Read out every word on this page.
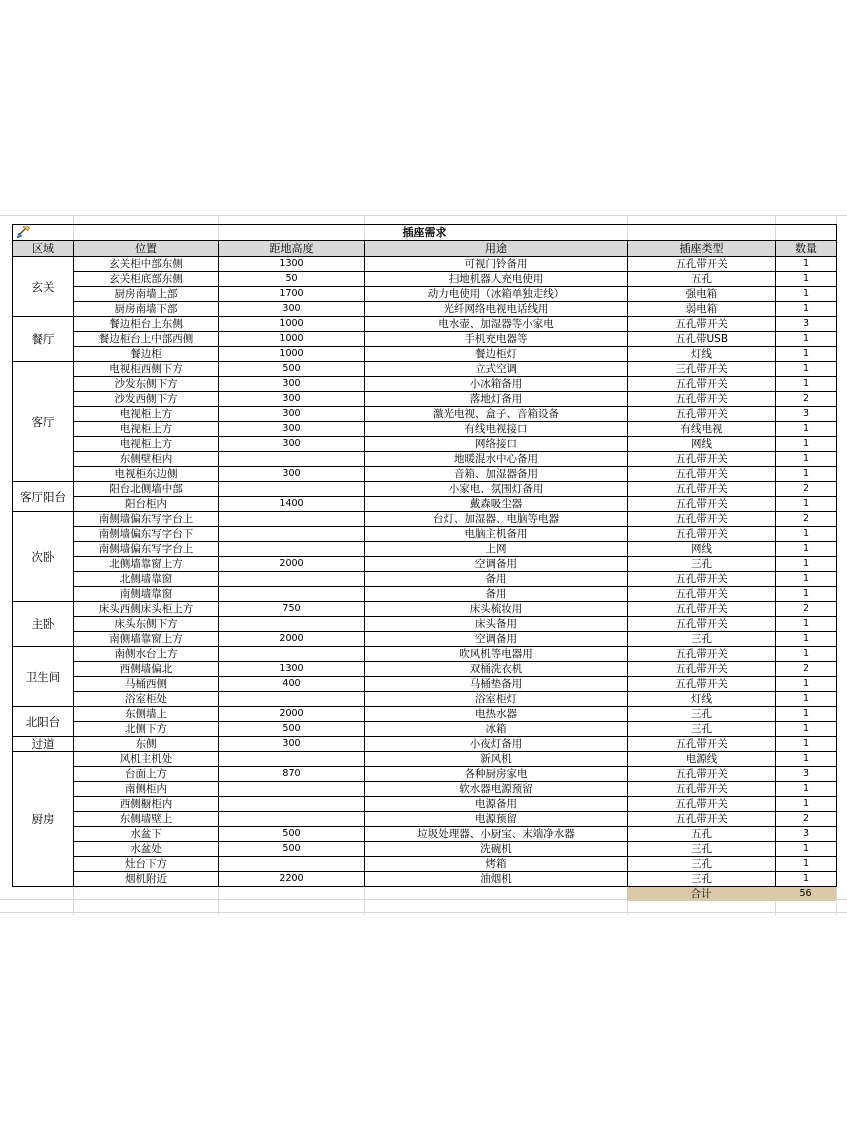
插座需求					
区域	位置	距地高度	用途	插座类型	数量
玄关	玄关柜中部东侧	1300	可视门铃备用	五孔带开关	1
	玄关柜底部东侧	50	扫地机器人充电使用	五孔	1
	厨房南墙上部	1700	动力电使用（冰箱单独走线）	强电箱	1
	厨房南墙下部	300	光纤网络电视电话线用	弱电箱	1
餐厅	餐边柜台上东侧	1000	电水壶、加湿器等小家电	五孔带开关	3
	餐边柜台上中部西侧	1000	手机充电器等	五孔带USB	1
	餐边柜	1000	餐边柜灯	灯线	1
客厅	电视柜西侧下方	500	立式空调	三孔带开关	1
	沙发东侧下方	300	小冰箱备用	五孔带开关	1
	沙发西侧下方	300	落地灯备用	五孔带开关	2
	电视柜上方	300	激光电视、盒子、音箱设备	五孔带开关	3
	电视柜上方	300	有线电视接口	有线电视	1
	电视柜上方	300	网络接口	网线	1
	东侧壁柜内		地暖混水中心备用	五孔带开关	1
	电视柜东边侧	300	音箱、加湿器备用	五孔带开关	1
客厅阳台	阳台北侧墙中部		小家电、氛围灯备用	五孔带开关	2
	阳台柜内	1400	戴森吸尘器	五孔带开关	1
次卧	南侧墙偏东写字台上		台灯、加湿器、电脑等电器	五孔带开关	2
	南侧墙偏东写字台下		电脑主机备用	五孔带开关	1
	南侧墙偏东写字台上		上网	网线	1
	北侧墙靠窗上方	2000	空调备用	三孔	1
	北侧墙靠窗		备用	五孔带开关	1
	南侧墙靠窗		备用	五孔带开关	1
主卧	床头西侧床头柜上方	750	床头梳妆用	五孔带开关	2
	床头东侧下方		床头备用	五孔带开关	1
	南侧墙靠窗上方	2000	空调备用	三孔	1
卫生间	南侧水台上方		吹风机等电器用	五孔带开关	1
	西侧墙偏北	1300	双桶洗衣机	五孔带开关	2
	马桶西侧	400	马桶垫备用	五孔带开关	1
	浴室柜处		浴室柜灯	灯线	1
北阳台	东侧墙上	2000	电热水器	三孔	1
	北侧下方	500	冰箱	三孔	1
过道	东侧	300	小夜灯备用	五孔带开关	1
厨房	风机主机处		新风机	电源线	1
	台面上方	870	各种厨房家电	五孔带开关	3
	南侧柜内		软水器电源预留	五孔带开关	1
	西侧橱柜内		电源备用	五孔带开关	1
	东侧墙壁上		电源预留	五孔带开关	2
	水盆下	500	垃圾处理器、小厨宝、末端净水器	五孔	3
	水盆处	500	洗碗机	三孔	1
	灶台下方		烤箱	三孔	1
	烟机附近	2200	油烟机	三孔	1
				合计	56
